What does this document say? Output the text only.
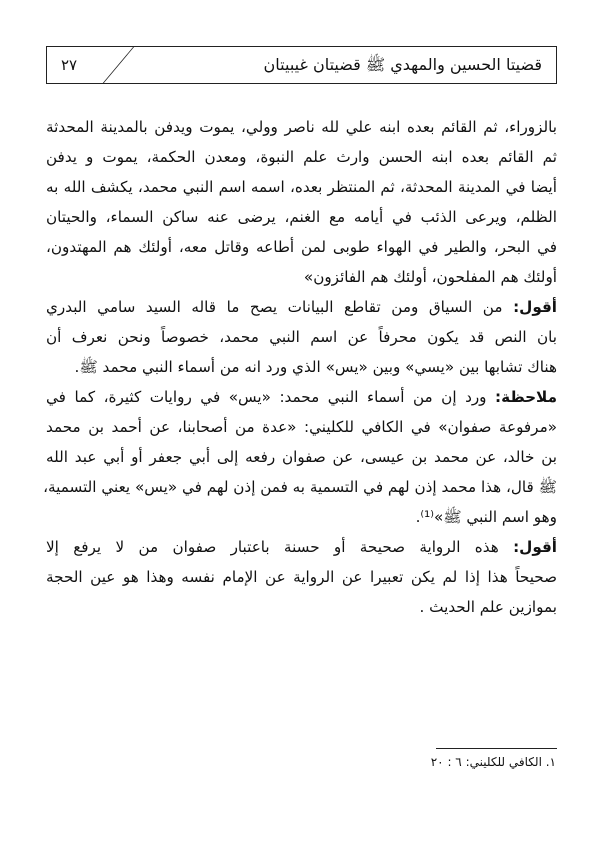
قضيتا الحسين والمهدي ﷺ قضيتان غيبيتان
٢٧
بالزوراء، ثم القائم بعده ابنه علي لله ناصر وولي، يموت ويدفن بالمدينة المحدثة
ثم القائم بعده ابنه الحسن وارث علم النبوة، ومعدن الحكمة، يموت و يدفن
أيضا في المدينة المحدثة، ثم المنتظر بعده، اسمه اسم النبي محمد، يكشف الله به
الظلم، ويرعى الذئب في أيامه مع الغنم، يرضى عنه ساكن السماء، والحيتان
في البحر، والطير في الهواء طوبى لمن أطاعه وقاتل معه، أولئك هم المهتدون،
أولئك هم المفلحون، أولئك هم الفائزون»
أقول: من السياق ومن تقاطع البيانات يصح ما قاله السيد سامي البدري
بان النص قد يكون محرفاً عن اسم النبي محمد، خصوصاً ونحن نعرف أن
هناك تشابها بين «يسي» وبين «يس» الذي ورد انه من أسماء النبي محمد ﷺ.
ملاحظة: ورد إن من أسماء النبي محمد: «يس» في روايات كثيرة، كما في
«مرفوعة صفوان» في الكافي للكليني: «عدة من أصحابنا، عن أحمد بن محمد
بن خالد، عن محمد بن عيسى، عن صفوان رفعه إلى أبي جعفر أو أبي عبد الله
ﷺ قال، هذا محمد إذن لهم في التسمية به فمن إذن لهم في «يس» يعني التسمية،
وهو اسم النبي ﷺ»⁽¹⁾.
أقول: هذه الرواية صحيحة أو حسنة باعتبار صفوان من لا يرفع إلا
صحيحاً هذا إذا لم يكن تعبيرا عن الرواية عن الإمام نفسه وهذا هو عين الحجة
بموازين علم الحديث .
١. الكافي للكليني: ٦ : ٢٠
